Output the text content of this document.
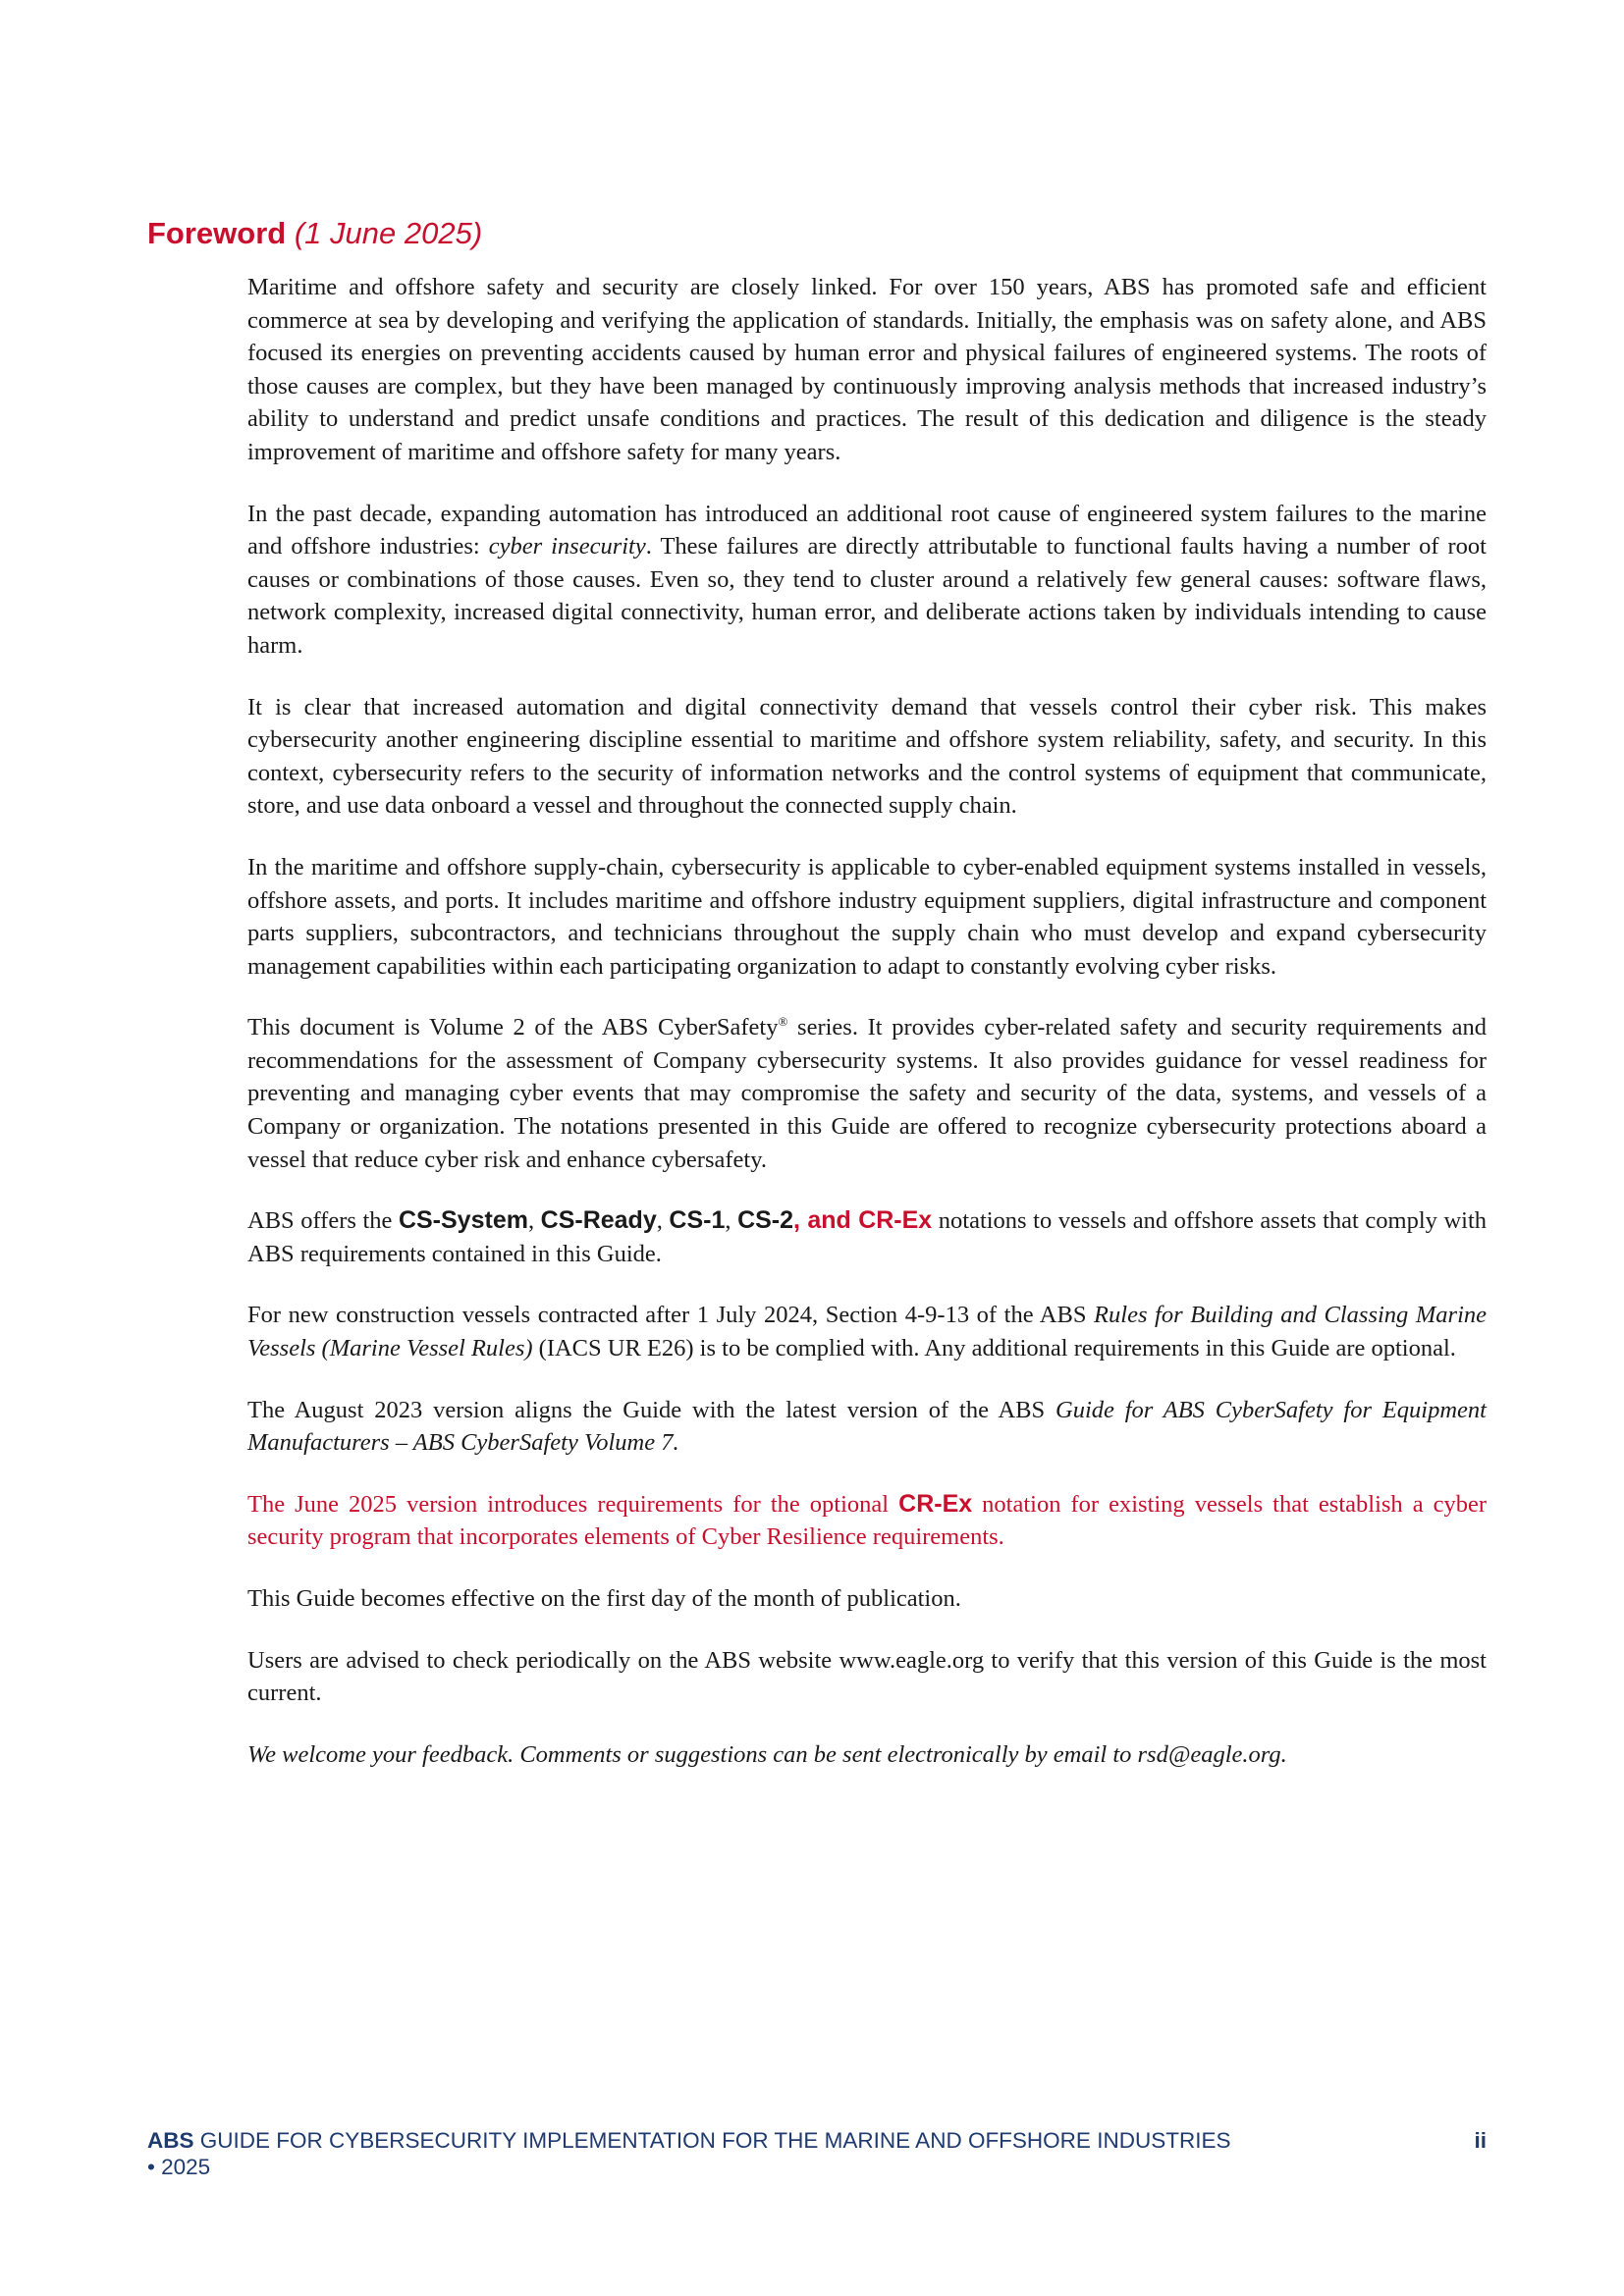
Foreword (1 June 2025)

Maritime and offshore safety and security are closely linked. For over 150 years, ABS has promoted safe and efficient commerce at sea by developing and verifying the application of standards. Initially, the emphasis was on safety alone, and ABS focused its energies on preventing accidents caused by human error and physical failures of engineered systems. The roots of those causes are complex, but they have been managed by continuously improving analysis methods that increased industry’s ability to understand and predict unsafe conditions and practices. The result of this dedication and diligence is the steady improvement of maritime and offshore safety for many years.

In the past decade, expanding automation has introduced an additional root cause of engineered system failures to the marine and offshore industries: cyber insecurity. These failures are directly attributable to functional faults having a number of root causes or combinations of those causes. Even so, they tend to cluster around a relatively few general causes: software flaws, network complexity, increased digital connectivity, human error, and deliberate actions taken by individuals intending to cause harm.

It is clear that increased automation and digital connectivity demand that vessels control their cyber risk. This makes cybersecurity another engineering discipline essential to maritime and offshore system reliability, safety, and security. In this context, cybersecurity refers to the security of information networks and the control systems of equipment that communicate, store, and use data onboard a vessel and throughout the connected supply chain.

In the maritime and offshore supply-chain, cybersecurity is applicable to cyber-enabled equipment systems installed in vessels, offshore assets, and ports. It includes maritime and offshore industry equipment suppliers, digital infrastructure and component parts suppliers, subcontractors, and technicians throughout the supply chain who must develop and expand cybersecurity management capabilities within each participating organization to adapt to constantly evolving cyber risks.

This document is Volume 2 of the ABS CyberSafety® series. It provides cyber-related safety and security requirements and recommendations for the assessment of Company cybersecurity systems. It also provides guidance for vessel readiness for preventing and managing cyber events that may compromise the safety and security of the data, systems, and vessels of a Company or organization. The notations presented in this Guide are offered to recognize cybersecurity protections aboard a vessel that reduce cyber risk and enhance cybersafety.

ABS offers the CS-System, CS-Ready, CS-1, CS-2, and CR-Ex notations to vessels and offshore assets that comply with ABS requirements contained in this Guide.

For new construction vessels contracted after 1 July 2024, Section 4-9-13 of the ABS Rules for Building and Classing Marine Vessels (Marine Vessel Rules) (IACS UR E26) is to be complied with. Any additional requirements in this Guide are optional.

The August 2023 version aligns the Guide with the latest version of the ABS Guide for ABS CyberSafety for Equipment Manufacturers – ABS CyberSafety Volume 7.

The June 2025 version introduces requirements for the optional CR-Ex notation for existing vessels that establish a cyber security program that incorporates elements of Cyber Resilience requirements.

This Guide becomes effective on the first day of the month of publication.

Users are advised to check periodically on the ABS website www.eagle.org to verify that this version of this Guide is the most current.

We welcome your feedback. Comments or suggestions can be sent electronically by email to rsd@eagle.org.

ABS GUIDE FOR CYBERSECURITY IMPLEMENTATION FOR THE MARINE AND OFFSHORE INDUSTRIES
• 2025
ii
